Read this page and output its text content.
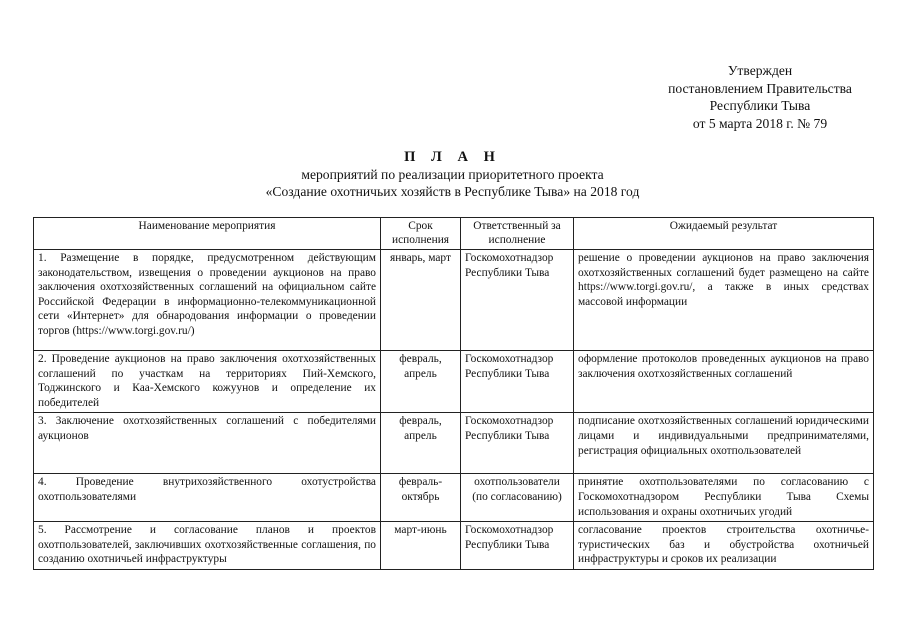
Утвержден
постановлением Правительства
Республики Тыва
от 5 марта 2018 г. № 79
П Л А Н
мероприятий по реализации приоритетного проекта
«Создание охотничьих хозяйств в Республике Тыва» на 2018 год
Наименование мероприятия	Срок исполнения	Ответственный за исполнение	Ожидаемый результат
1. Размещение в порядке, предусмотренном действующим законодательством, извещения о проведении аукционов на право заключения охотхозяйственных соглашений на официальном сайте Российской Федерации в информационно-телекоммуникационной сети «Интернет» для обнародования информации о проведении торгов (https://www.torgi.gov.ru/)	январь, март	Госкомохотнадзор Республики Тыва	решение о проведении аукционов на право заключения охотхозяйственных соглашений будет размещено на сайте https://www.torgi.gov.ru/, а также в иных средствах массовой информации
2. Проведение аукционов на право заключения охотхозяйственных соглашений по участкам на территориях Пий-Хемского, Тоджинского и Каа-Хемского кожуунов и определение их победителей	февраль, апрель	Госкомохотнадзор Республики Тыва	оформление протоколов проведенных аукционов на право заключения охотхозяйственных соглашений
3. Заключение охотхозяйственных соглашений с победителями аукционов	февраль, апрель	Госкомохотнадзор Республики Тыва	подписание охотхозяйственных соглашений юридическими лицами и индивидуальными предпринимателями, регистрация официальных охотпользователей
4. Проведение внутрихозяйственного охотустройства охотпользователями	февраль-октябрь	охотпользователи (по согласованию)	принятие охотпользователями по согласованию с Госкомохотнадзором Республики Тыва Схемы использования и охраны охотничьих угодий
5. Рассмотрение и согласование планов и проектов охотпользователей, заключивших охотхозяйственные соглашения, по созданию охотничьей инфраструктуры	март-июнь	Госкомохотнадзор Республики Тыва	согласование проектов строительства охотничье-туристических баз и обустройства охотничьей инфраструктуры и сроков их реализации
